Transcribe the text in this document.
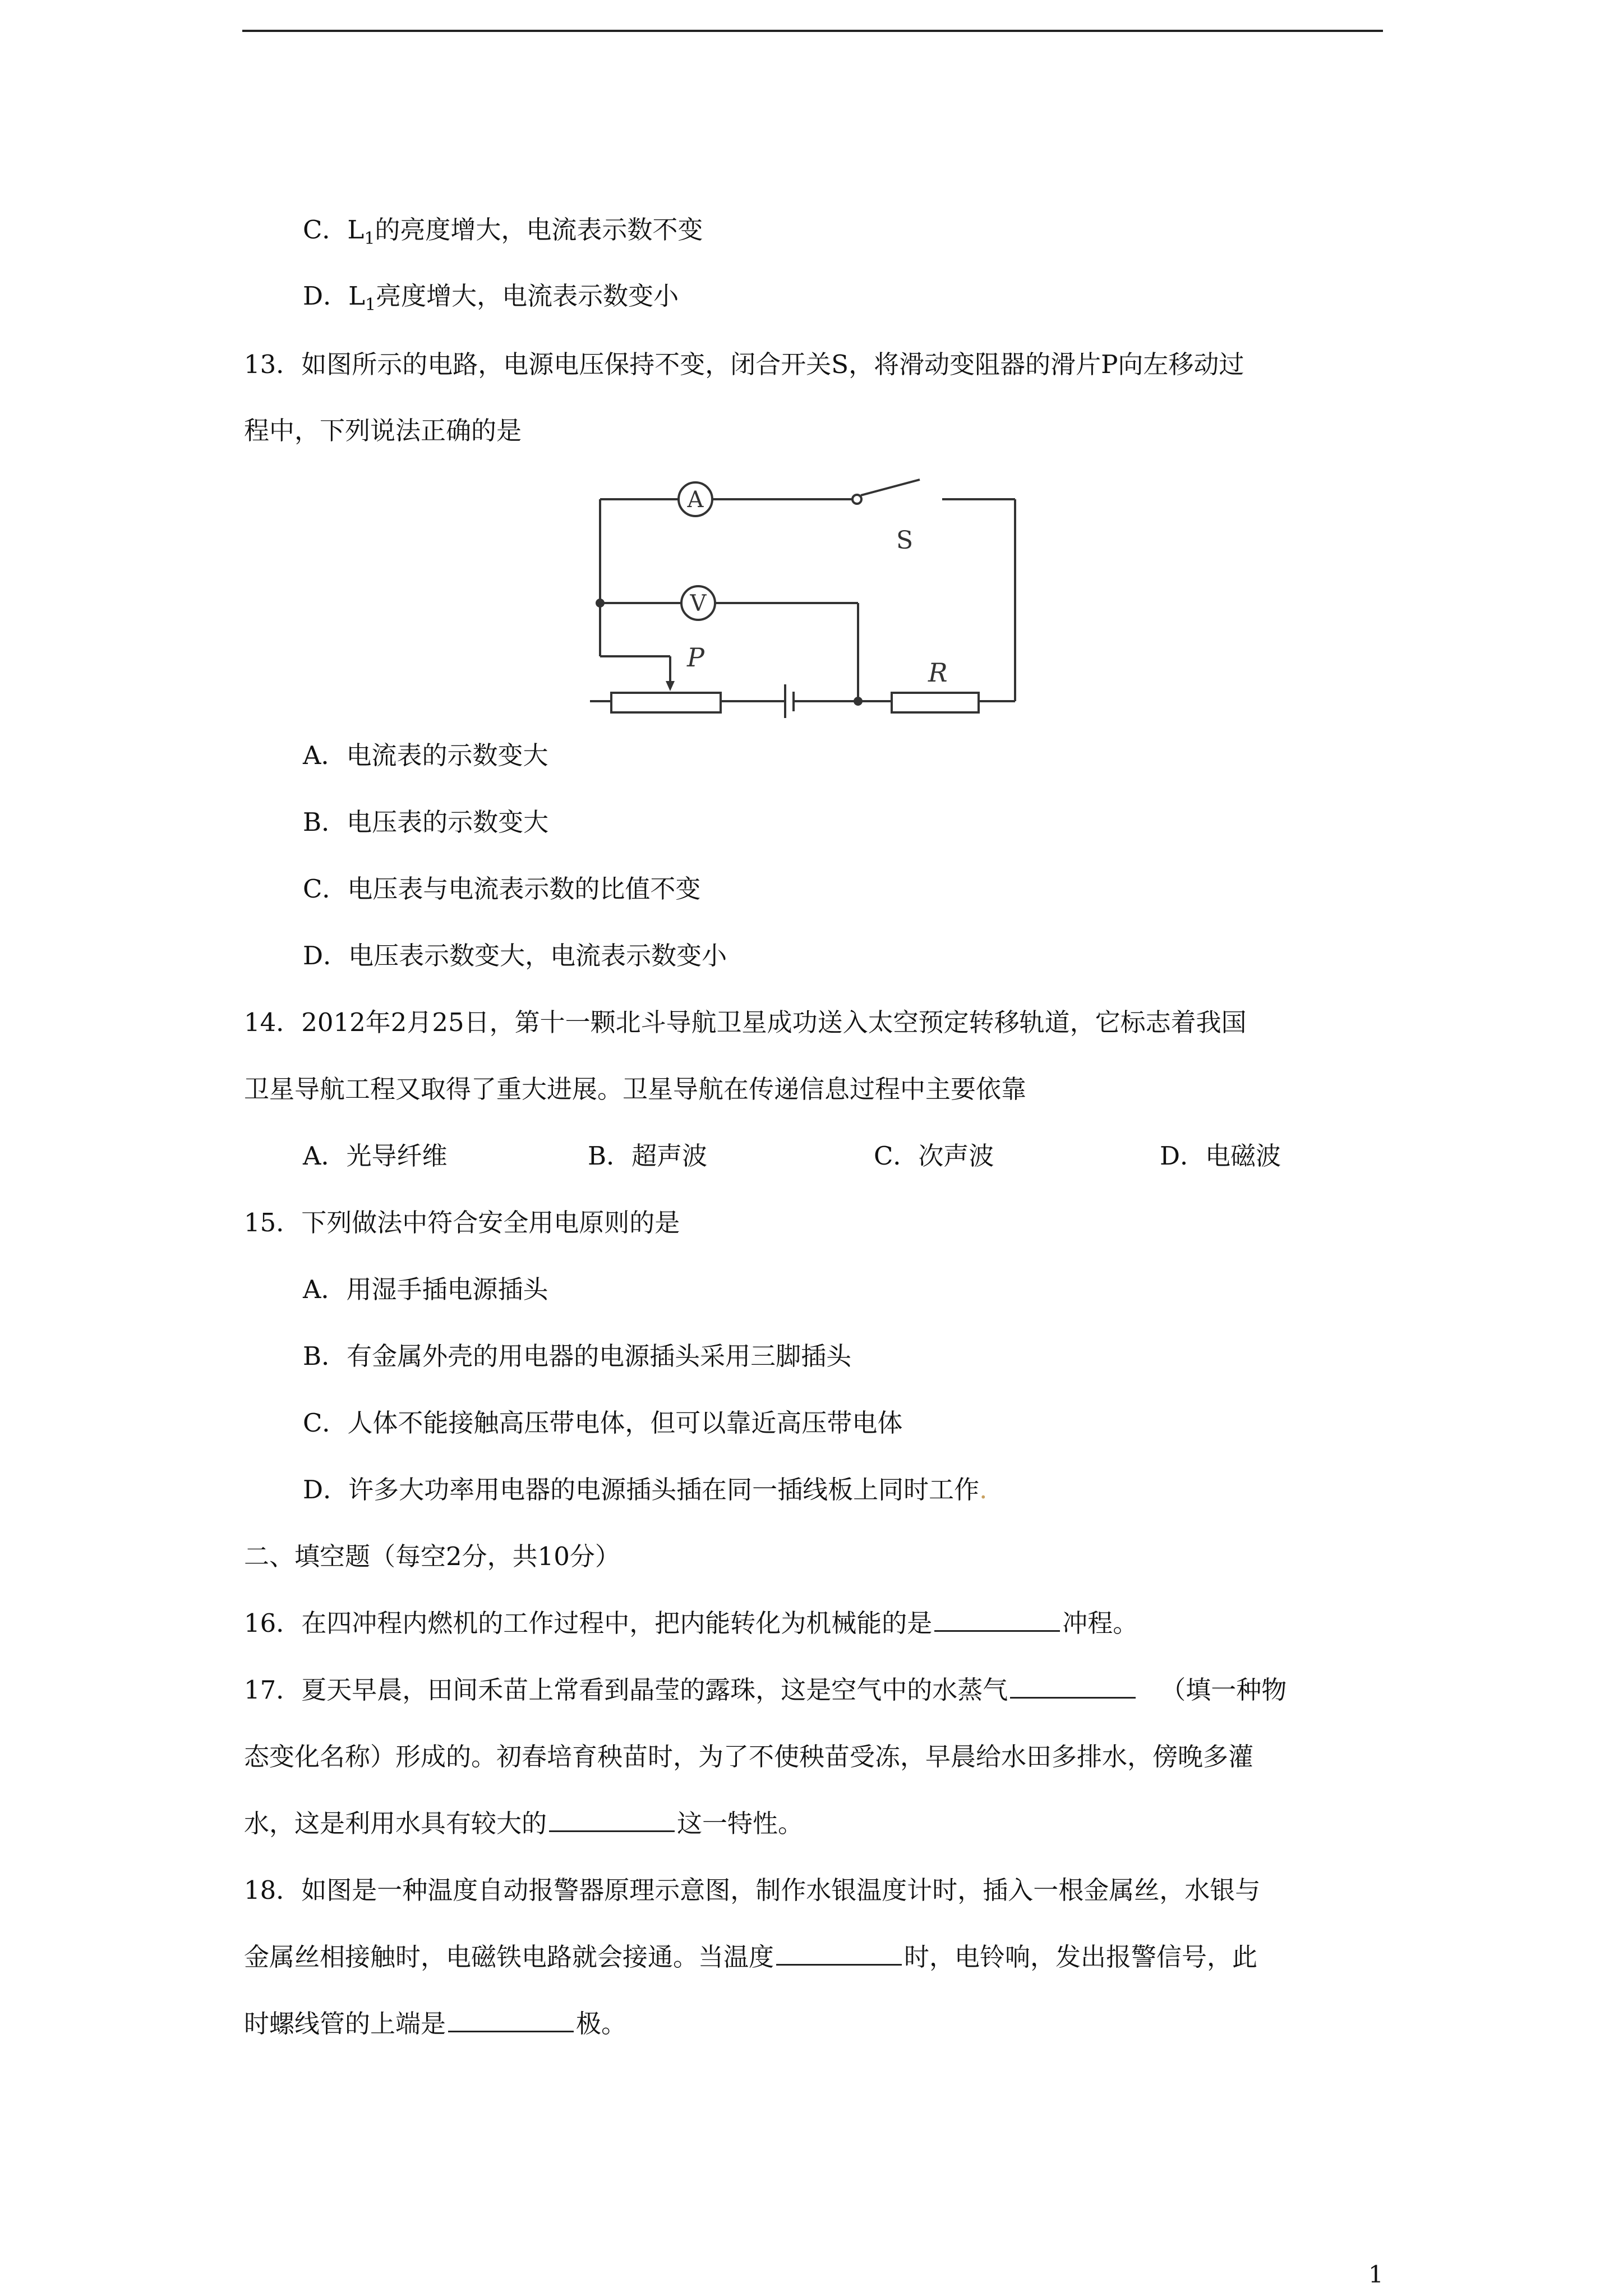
C．$L_1$的亮度增大，电流表示数不变
D．$L_1$亮度增大，电流表示数变小
13．如图所示的电路，电源电压保持不变，闭合开关S，将滑动变阻器的滑片P向左移动过
程中，下列说法正确的是
A
V
S
P	R
A．电流表的示数变大
B．电压表的示数变大
C．电压表与电流表示数的比值不变
D．电压表示数变大，电流表示数变小
14．2012年2月25日，第十一颗北斗导航卫星成功送入太空预定转移轨道，它标志着我国
卫星导航工程又取得了重大进展。卫星导航在传递信息过程中主要依靠
A．光导纤维	B．超声波	C．次声波	D．电磁波
15．下列做法中符合安全用电原则的是
A．用湿手插电源插头
B．有金属外壳的用电器的电源插头采用三脚插头
C．人体不能接触高压带电体，但可以靠近高压带电体
D．许多大功率用电器的电源插头插在同一插线板上同时工作.
二、填空题（每空2分，共10分）
16．在四冲程内燃机的工作过程中，把内能转化为机械能的是	冲程。
17．夏天早晨，田间禾苗上常看到晶莹的露珠，这是空气中的水蒸气	（填一种物
态变化名称）形成的。初春培育秧苗时，为了不使秧苗受冻，早晨给水田多排水，傍晚多灌
水，这是利用水具有较大的	这一特性。
18．如图是一种温度自动报警器原理示意图，制作水银温度计时，插入一根金属丝，水银与
金属丝相接触时，电磁铁电路就会接通。当温度	时，电铃响，发出报警信号，此
时螺线管的上端是	极。
1
